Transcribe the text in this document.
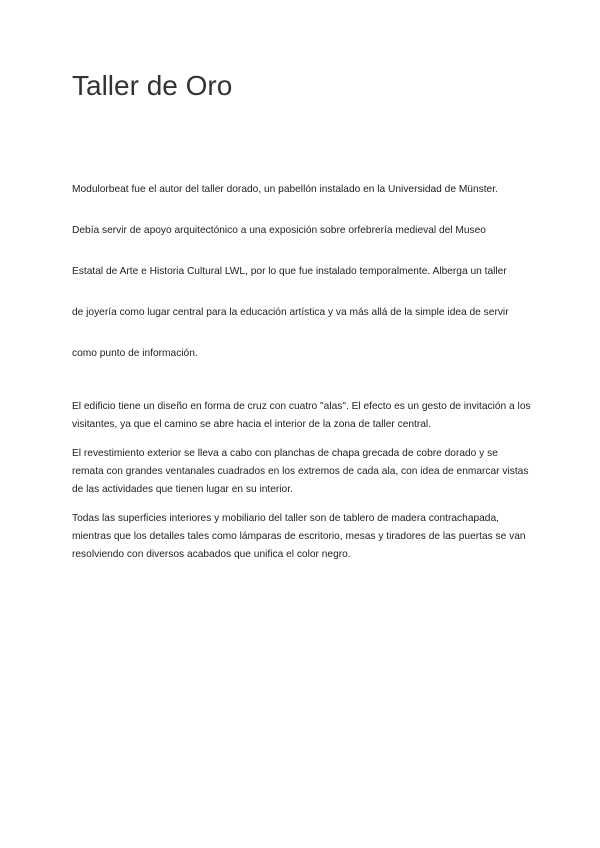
Taller de Oro

Modulorbeat fue el autor del taller dorado, un pabellón instalado en la Universidad de Münster.

Debía servir de apoyo arquitectónico a una exposición sobre orfebrería medieval del Museo

Estatal de Arte e Historia Cultural LWL, por lo que fue instalado temporalmente. Alberga un taller

de joyería como lugar central para la educación artística y va más allá de la simple idea de servir

como punto de información.

El edificio tiene un diseño en forma de cruz con cuatro "alas". El efecto es un gesto de invitación a los visitantes, ya que el camino se abre hacia el interior de la zona de taller central.

El revestimiento exterior se lleva a cabo con planchas de chapa grecada de cobre dorado y se remata con grandes ventanales cuadrados en los extremos de cada ala, con idea de enmarcar vistas de las actividades que tienen lugar en su interior.

Todas las superficies interiores y mobiliario del taller son de tablero de madera contrachapada, mientras que los detalles tales como lámparas de escritorio, mesas y tiradores de las puertas se van resolviendo con diversos acabados que unifica el color negro.
